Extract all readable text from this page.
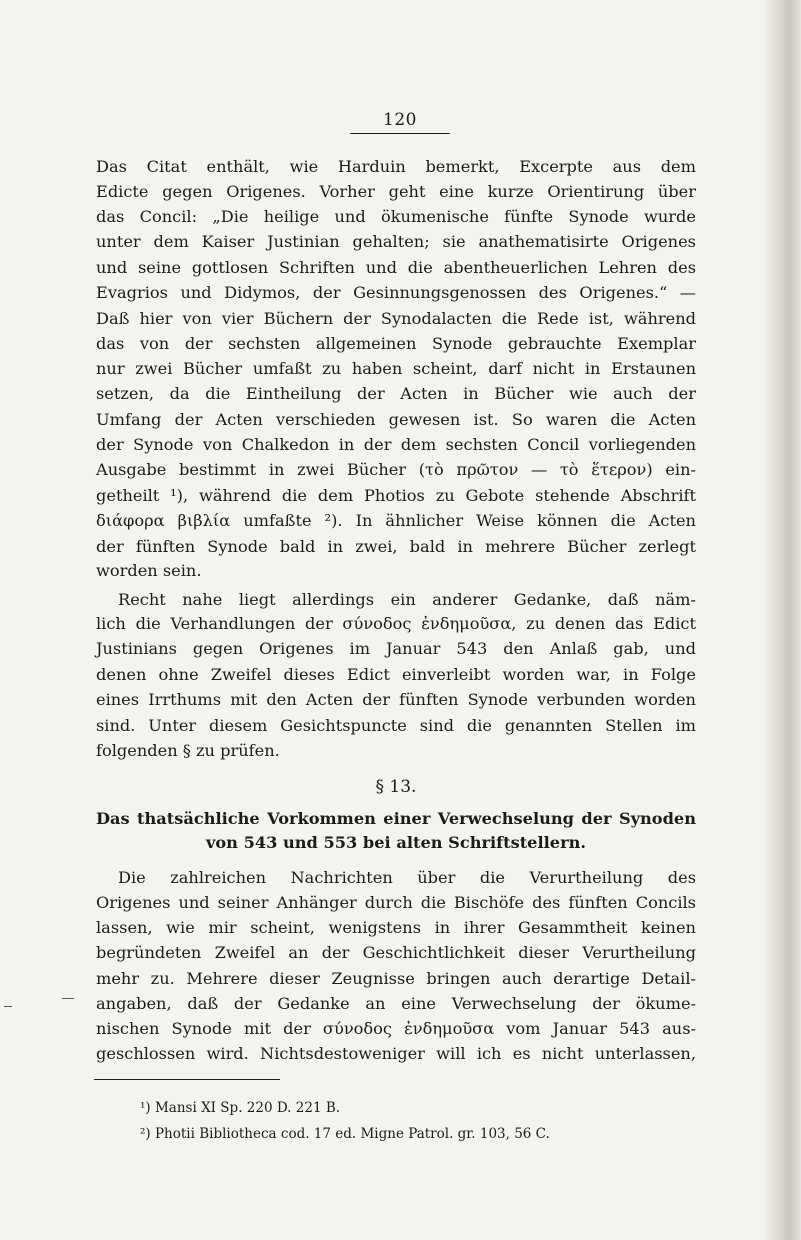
120
Das Citat enthält, wie Harduin bemerkt, Excerpte aus dem
Edicte gegen Origenes. Vorher geht eine kurze Orientirung über
das Concil: „Die heilige und ökumenische fünfte Synode wurde
unter dem Kaiser Justinian gehalten; sie anathematisirte Origenes
und seine gottlosen Schriften und die abentheuerlichen Lehren des
Evagrios und Didymos, der Gesinnungsgenossen des Origenes.“ —
Daß hier von vier Büchern der Synodalacten die Rede ist, während
das von der sechsten allgemeinen Synode gebrauchte Exemplar
nur zwei Bücher umfaßt zu haben scheint, darf nicht in Erstaunen
setzen, da die Eintheilung der Acten in Bücher wie auch der
Umfang der Acten verschieden gewesen ist. So waren die Acten
der Synode von Chalkedon in der dem sechsten Concil vorliegenden
Ausgabe bestimmt in zwei Bücher (τὸ πρῶτον — τὸ ἕτερον) ein-
getheilt ¹), während die dem Photios zu Gebote stehende Abschrift
διάφορα βιβλία umfaßte ²). In ähnlicher Weise können die Acten
der fünften Synode bald in zwei, bald in mehrere Bücher zerlegt
worden sein.
Recht nahe liegt allerdings ein anderer Gedanke, daß näm-
lich die Verhandlungen der σύνοδος ἐνδημοῦσα, zu denen das Edict
Justinians gegen Origenes im Januar 543 den Anlaß gab, und
denen ohne Zweifel dieses Edict einverleibt worden war, in Folge
eines Irrthums mit den Acten der fünften Synode verbunden worden
sind. Unter diesem Gesichtspuncte sind die genannten Stellen im
folgenden § zu prüfen.
§ 13.
Das thatsächliche Vorkommen einer Verwechselung der Synoden
von 543 und 553 bei alten Schriftstellern.
Die zahlreichen Nachrichten über die Verurtheilung des
Origenes und seiner Anhänger durch die Bischöfe des fünften Concils
lassen, wie mir scheint, wenigstens in ihrer Gesammtheit keinen
begründeten Zweifel an der Geschichtlichkeit dieser Verurtheilung
mehr zu. Mehrere dieser Zeugnisse bringen auch derartige Detail-
angaben, daß der Gedanke an eine Verwechselung der ökume-
nischen Synode mit der σύνοδος ἐνδημοῦσα vom Januar 543 aus-
geschlossen wird. Nichtsdestoweniger will ich es nicht unterlassen,
¹) Mansi XI Sp. 220 D. 221 B.
²) Photii Bibliotheca cod. 17 ed. Migne Patrol. gr. 103, 56 C.
